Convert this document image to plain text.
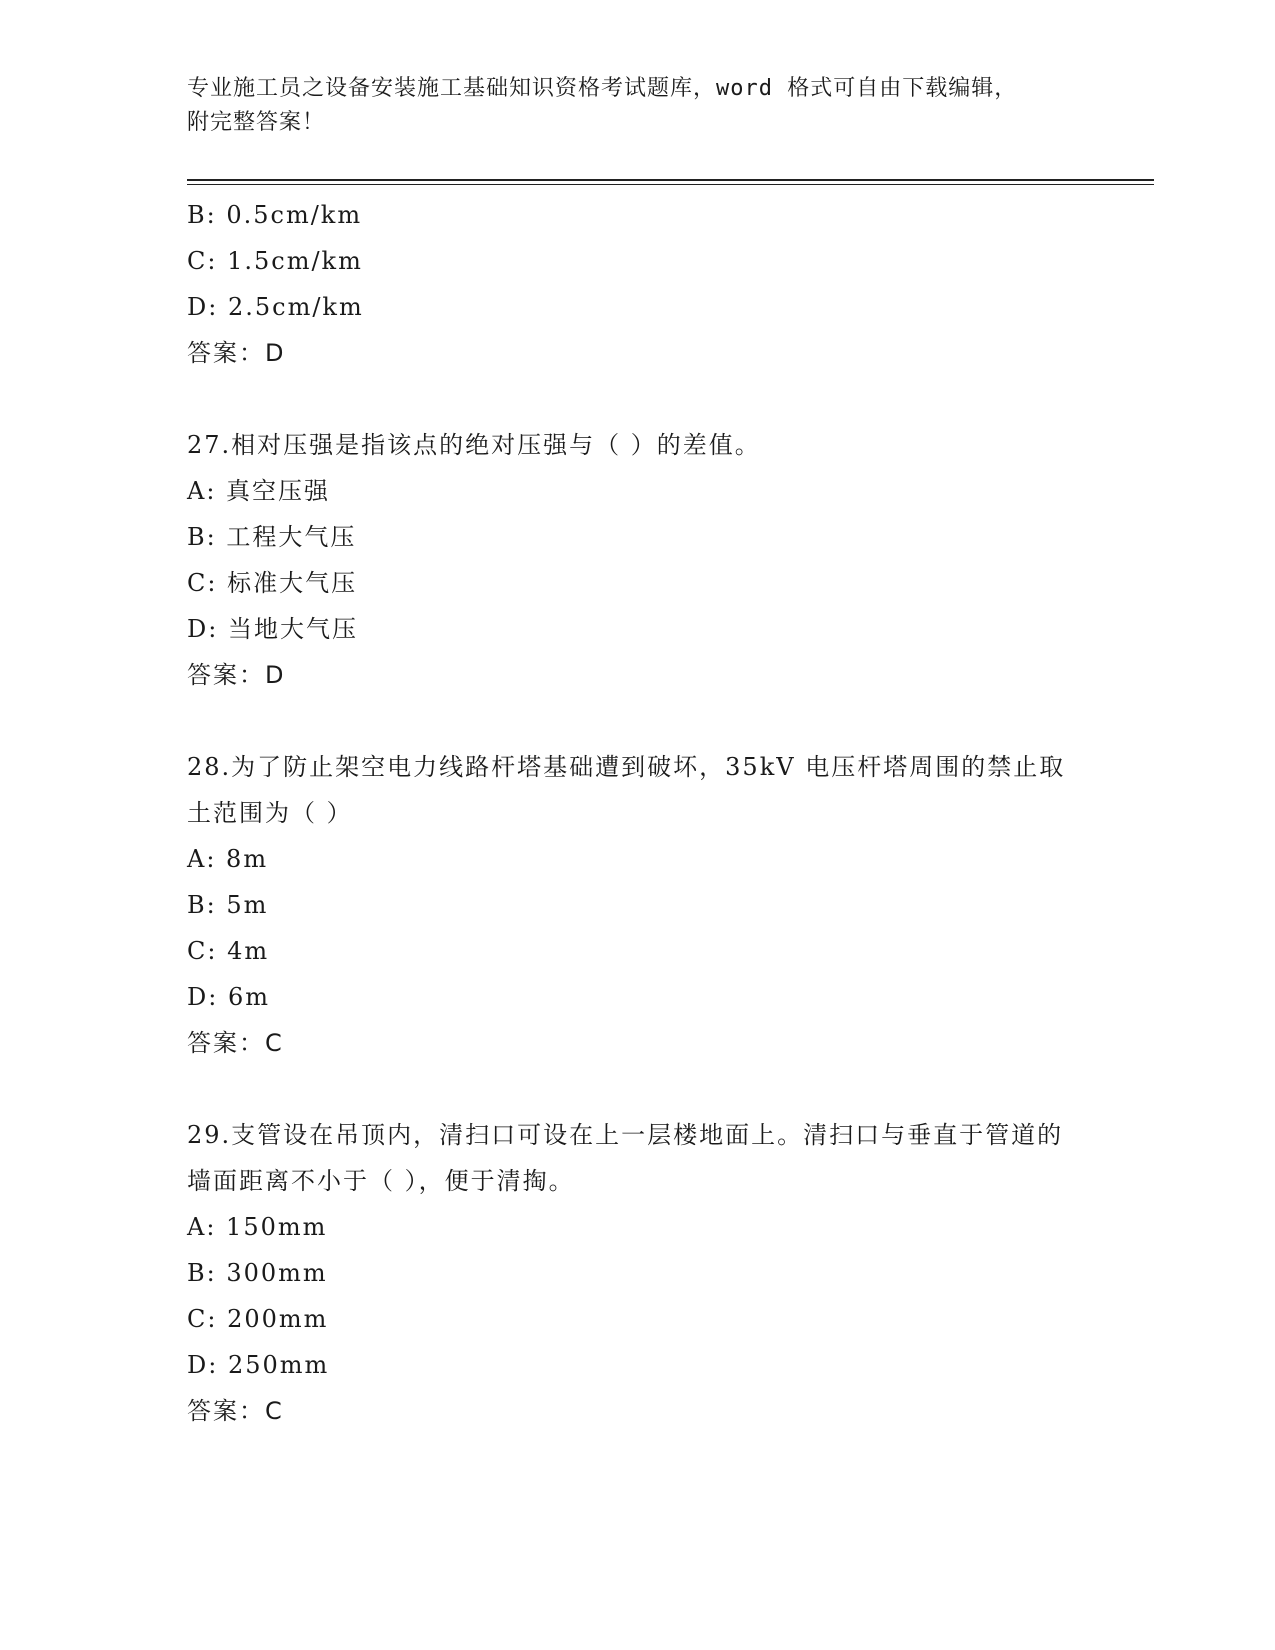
专业施工员之设备安装施工基础知识资格考试题库，word 格式可自由下载编辑，
附完整答案！
B: 0.5cm/km
C: 1.5cm/km
D: 2.5cm/km
答案：D
27.相对压强是指该点的绝对压强与（ ）的差值。
A: 真空压强
B: 工程大气压
C: 标准大气压
D: 当地大气压
答案：D
28.为了防止架空电力线路杆塔基础遭到破坏，35kV 电压杆塔周围的禁止取土范围为（ ）
A: 8m
B: 5m
C: 4m
D: 6m
答案：C
29.支管设在吊顶内，清扫口可设在上一层楼地面上。清扫口与垂直于管道的墙面距离不小于（ ），便于清掏。
A: 150mm
B: 300mm
C: 200mm
D: 250mm
答案：C
